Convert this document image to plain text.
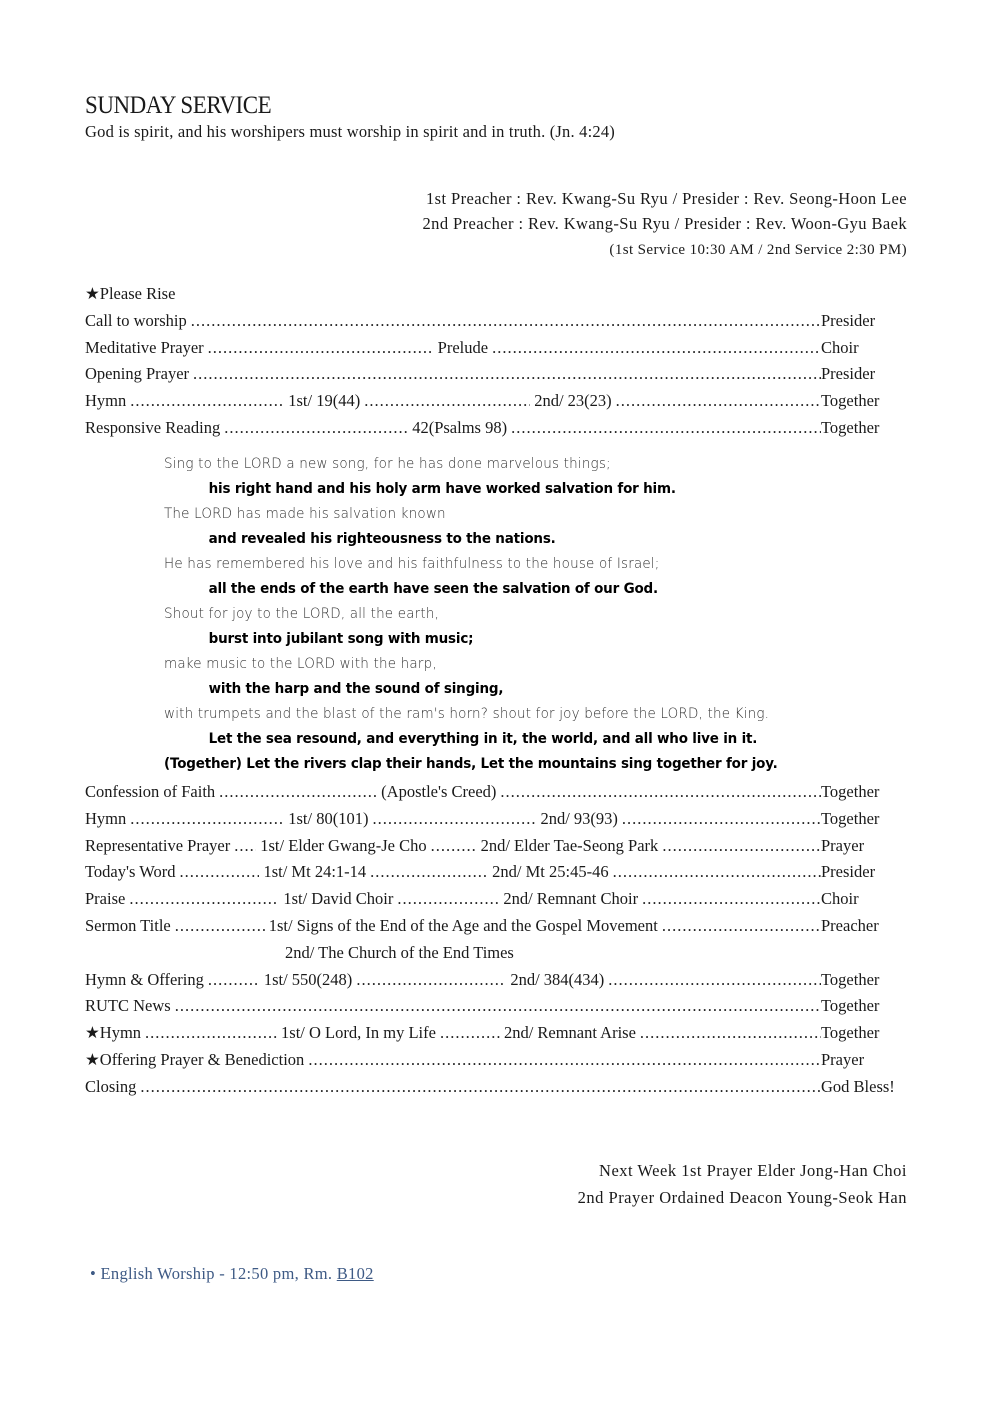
SUNDAY SERVICE
God is spirit, and his worshipers must worship in spirit and in truth. (Jn. 4:24)
1st Preacher : Rev. Kwang-Su Ryu / Presider : Rev. Seong-Hoon Lee
2nd Preacher : Rev. Kwang-Su Ryu / Presider : Rev. Woon-Gyu Baek
(1st Service 10:30 AM / 2nd Service 2:30 PM)
★Please Rise
Call to worship .....	Presider
Meditative Prayer .....	Prelude .....	Choir
Opening Prayer .....	Presider
Hymn .....	1st/ 19(44) .....	2nd/ 23(23) .....	Together
Responsive Reading .....	42(Psalms 98) .....	Together
Sing to the LORD a new song, for he has done marvelous things;
his right hand and his holy arm have worked salvation for him.
The LORD has made his salvation known
and revealed his righteousness to the nations.
He has remembered his love and his faithfulness to the house of Israel;
all the ends of the earth have seen the salvation of our God.
Shout for joy to the LORD, all the earth,
burst into jubilant song with music;
make music to the LORD with the harp,
with the harp and the sound of singing,
with trumpets and the blast of the ram's horn? shout for joy before the LORD, the King.
Let the sea resound, and everything in it, the world, and all who live in it.
(Together) Let the rivers clap their hands, Let the mountains sing together for joy.
Confession of Faith .....	(Apostle's Creed) .....	Together
Hymn .....	1st/ 80(101) .....	2nd/ 93(93) .....	Together
Representative Prayer ..... 1st/ Elder Gwang-Je Cho .....	2nd/ Elder Tae-Seong Park .....	Prayer
Today's Word .....	1st/ Mt 24:1-14 .....	2nd/ Mt 25:45-46 .....	Presider
Praise .....	1st/ David Choir .....	2nd/ Remnant Choir .....	Choir
Sermon Title .....	1st/ Signs of the End of the Age and the Gospel Movement .....	Preacher
2nd/ The Church of the End Times
Hymn & Offering .....	1st/ 550(248) .....	2nd/ 384(434) .....	Together
RUTC News .....	Together
★Hymn .....	1st/ O Lord, In my Life .....	2nd/ Remnant Arise .....	Together
★Offering Prayer & Benediction .....	Prayer
Closing .....	God Bless!
Next Week 1st Prayer Elder Jong-Han Choi
2nd Prayer Ordained Deacon Young-Seok Han
• English Worship - 12:50 pm, Rm. B102
